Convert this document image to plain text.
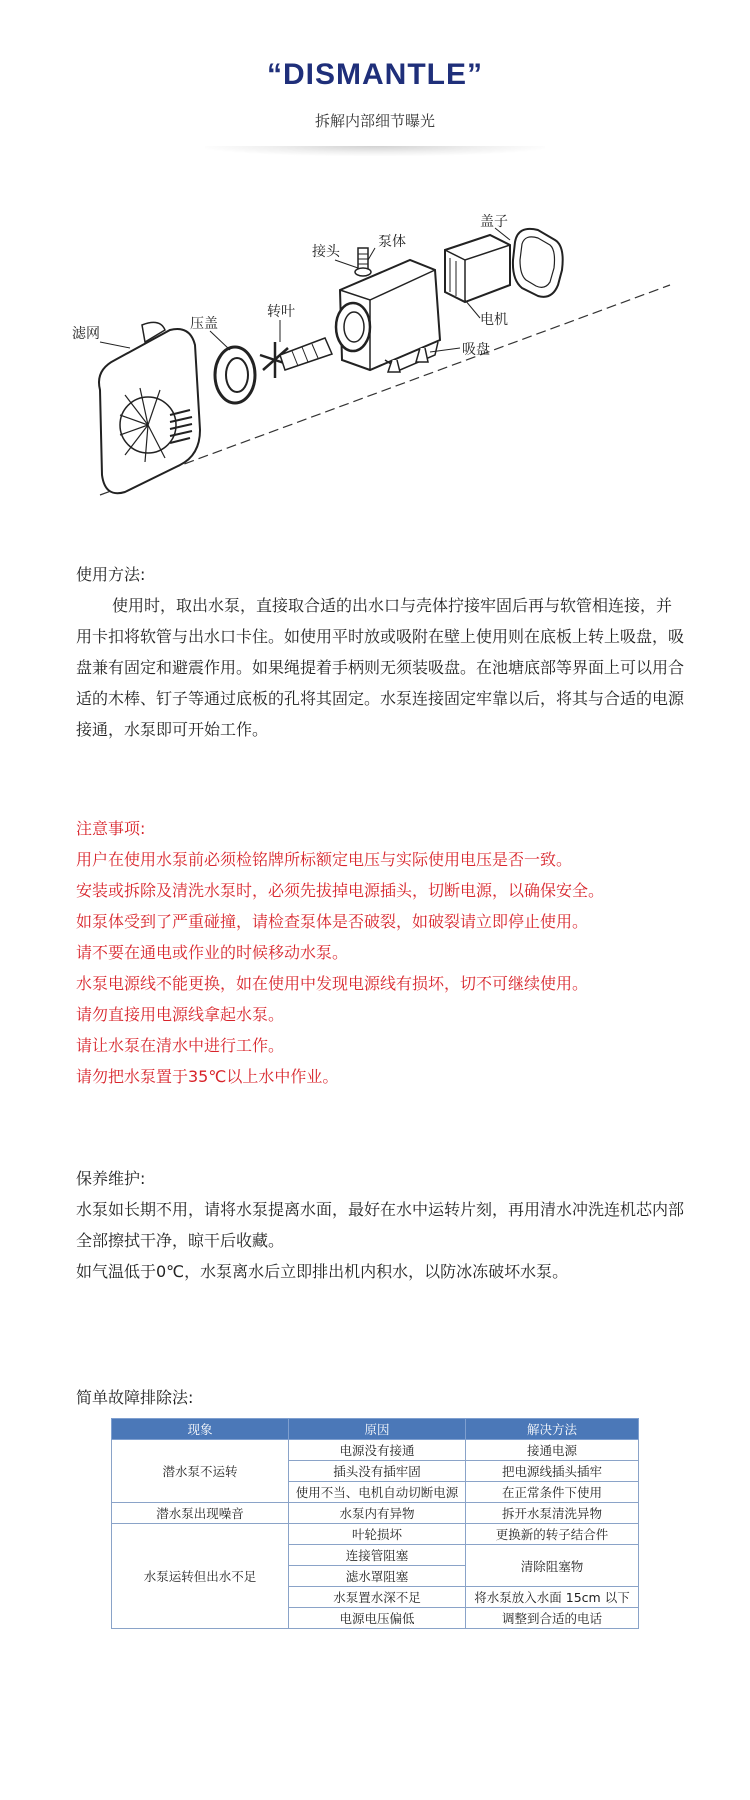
“DISMANTLE”
拆解内部细节曝光
滤网
压盖
转叶
接头
泵体
盖子
电机
吸盘

使用方法:

使用时，取出水泵，直接取合适的出水口与壳体拧接牢固后再与软管相连接，并用卡扣将软管与出水口卡住。如使用平时放或吸附在壁上使用则在底板上转上吸盘，吸盘兼有固定和避震作用。如果绳提着手柄则无须装吸盘。在池塘底部等界面上可以用合适的木棒、钉子等通过底板的孔将其固定。水泵连接固定牢靠以后，将其与合适的电源接通，水泵即可开始工作。

注意事项:

用户在使用水泵前必须检铭牌所标额定电压与实际使用电压是否一致。

安装或拆除及清洗水泵时，必须先拔掉电源插头，切断电源，以确保安全。

如泵体受到了严重碰撞，请检查泵体是否破裂，如破裂请立即停止使用。

请不要在通电或作业的时候移动水泵。

水泵电源线不能更换，如在使用中发现电源线有损坏，切不可继续使用。

请勿直接用电源线拿起水泵。

请让水泵在清水中进行工作。

请勿把水泵置于35℃以上水中作业。

保养维护:

水泵如长期不用，请将水泵提离水面，最好在水中运转片刻，再用清水冲洗连机芯内部全部擦拭干净，晾干后收藏。

如气温低于0℃，水泵离水后立即排出机内积水，以防冰冻破坏水泵。

简单故障排除法:
现象	原因	解决方法
潜水泵不运转	电源没有接通	接通电源
	插头没有插牢固	把电源线插头插牢
	使用不当、电机自动切断电源	在正常条件下使用
潜水泵出现噪音	水泵内有异物	拆开水泵清洗异物
水泵运转但出水不足	叶轮损坏	更换新的转子结合件
	连接管阻塞	清除阻塞物
	滤水罩阻塞	
	水泵置水深不足	将水泵放入水面 15cm 以下
	电源电压偏低	调整到合适的电话
